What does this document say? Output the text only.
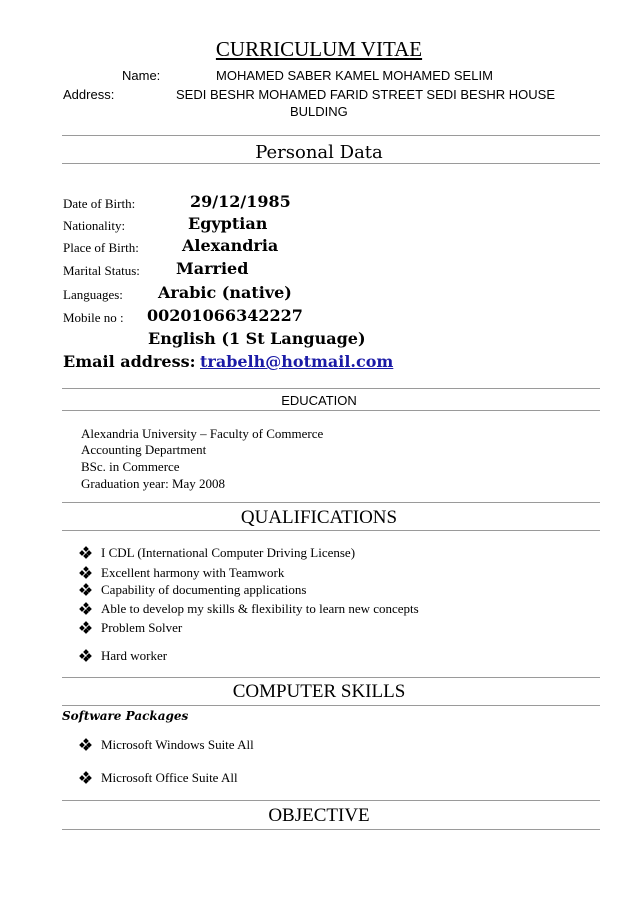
CURRICULUM VITAE
Name:	MOHAMED SABER KAMEL MOHAMED SELIM
Address:	SEDI BESHR MOHAMED FARID STREET SEDI BESHR HOUSE
BULDING
Personal Data
Date of Birth:	29/12/1985
Nationality:	Egyptian
Place of Birth:	Alexandria
Marital Status: Married
Languages: Arabic (native)
Mobile no : 00201066342227
English (1 St Language)
Email address: trabelh@hotmail.com
EDUCATION
Alexandria University – Faculty of Commerce
Accounting Department
BSc. in Commerce
Graduation year: May 2008
QUALIFICATIONS
I CDL (International Computer Driving License)
Excellent harmony with Teamwork
Capability of documenting applications
Able to develop my skills & flexibility to learn new concepts
Problem Solver
Hard worker
COMPUTER SKILLS
Software Packages
Microsoft Windows Suite All
Microsoft Office Suite All
OBJECTIVE
